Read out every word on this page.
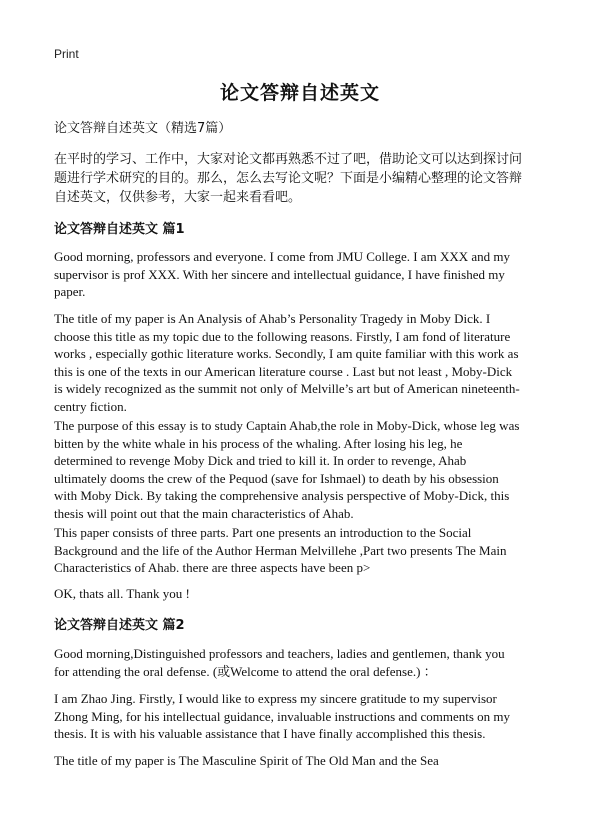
Print
论文答辩自述英文
论文答辩自述英文（精选7篇）
在平时的学习、工作中，大家对论文都再熟悉不过了吧，借助论文可以达到探讨问
题进行学术研究的目的。那么，怎么去写论文呢？下面是小编精心整理的论文答辩
自述英文，仅供参考，大家一起来看看吧。
论文答辩自述英文 篇1
Good morning, professors and everyone. I come from JMU College. I am XXX and my
supervisor is prof XXX. With her sincere and intellectual guidance, I have finished my
paper.
The title of my paper is An Analysis of Ahab’s Personality Tragedy in Moby Dick. I
choose this title as my topic due to the following reasons. Firstly, I am fond of literature
works , especially gothic literature works. Secondly, I am quite familiar with this work as
this is one of the texts in our American literature course . Last but not least , Moby-Dick
is widely recognized as the summit not only of Melville’s art but of American nineteenth-
centry fiction.
The purpose of this essay is to study Captain Ahab,the role in Moby-Dick, whose leg was
bitten by the white whale in his process of the whaling. After losing his leg, he
determined to revenge Moby Dick and tried to kill it. In order to revenge, Ahab
ultimately dooms the crew of the Pequod (save for Ishmael) to death by his obsession
with Moby Dick. By taking the comprehensive analysis perspective of Moby-Dick, this
thesis will point out that the main characteristics of Ahab.
This paper consists of three parts. Part one presents an introduction to the Social
Background and the life of the Author Herman Melvillehe ,Part two presents The Main
Characteristics of Ahab. there are three aspects have been p>
OK, thats all. Thank you !
论文答辩自述英文 篇2
Good morning,Distinguished professors and teachers, ladies and gentlemen, thank you
for attending the oral defense. (或Welcome to attend the oral defense.) ：
I am Zhao Jing. Firstly, I would like to express my sincere gratitude to my supervisor
Zhong Ming, for his intellectual guidance, invaluable instructions and comments on my
thesis. It is with his valuable assistance that I have finally accomplished this thesis.
The title of my paper is The Masculine Spirit of The Old Man and the Sea
